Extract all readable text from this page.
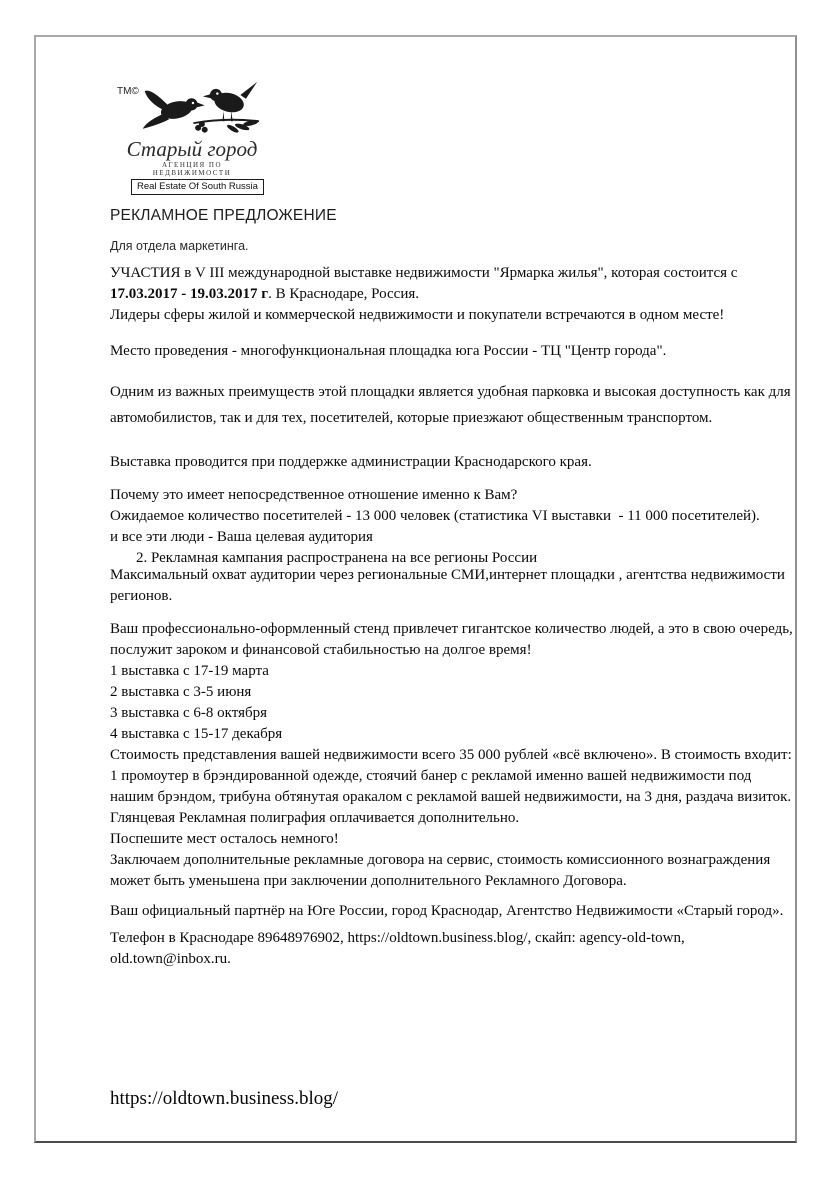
ТМ©
Старый город
АГЕНЦИЯ ПО
НЕДВИЖИМОСТИ
Real Estate Of South Russia
РЕКЛАМНОЕ ПРЕДЛОЖЕНИЕ
Для отдела маркетинга.
УЧАСТИЯ в V III международной выставке недвижимости "Ярмарка жилья", которая состоится с 17.03.2017 - 19.03.2017 г. В Краснодаре, Россия.
Лидеры сферы жилой и коммерческой недвижимости и покупатели встречаются в одном месте!
Место проведения - многофункциональная площадка юга России - ТЦ "Центр города".
Одним из важных преимуществ этой площадки является удобная парковка и высокая доступность как для автомобилистов, так и для тех, посетителей, которые приезжают общественным транспортом.
Выставка проводится при поддержке администрации Краснодарского края.
Почему это имеет непосредственное отношение именно к Вам?
Ожидаемое количество посетителей - 13 000 человек (статистика VI выставки  - 11 000 посетителей).
и все эти люди - Ваша целевая аудитория
2. Рекламная кампания распространена на все регионы России
Максимальный охват аудитории через региональные СМИ,интернет площадки , агентства недвижимости регионов.
Ваш профессионально-оформленный стенд привлечет гигантское количество людей, а это в свою очередь, послужит зароком и финансовой стабильностью на долгое время!
1 выставка с 17-19 марта
2 выставка с 3-5 июня
3 выставка с 6-8 октября
4 выставка с 15-17 декабря
Стоимость представления вашей недвижимости всего 35 000 рублей «всё включено». В стоимость входит: 1 промоутер в брэндированной одежде, стоячий банер с рекламой именно вашей недвижимости под нашим брэндом, трибуна обтянутая оракалом с рекламой вашей недвижимости, на 3 дня, раздача визиток.
Глянцевая Рекламная полиграфия оплачивается дополнительно.
Поспешите мест осталось немного!
Заключаем дополнительные рекламные договора на сервис, стоимость комиссионного вознаграждения может быть уменьшена при заключении дополнительного Рекламного Договора.
Ваш официальный партнёр на Юге России, город Краснодар, Агентство Недвижимости «Старый город».
Телефон в Краснодаре 89648976902, https://oldtown.business.blog/, скайп: agency-old-town, old.town@inbox.ru.
https://oldtown.business.blog/
